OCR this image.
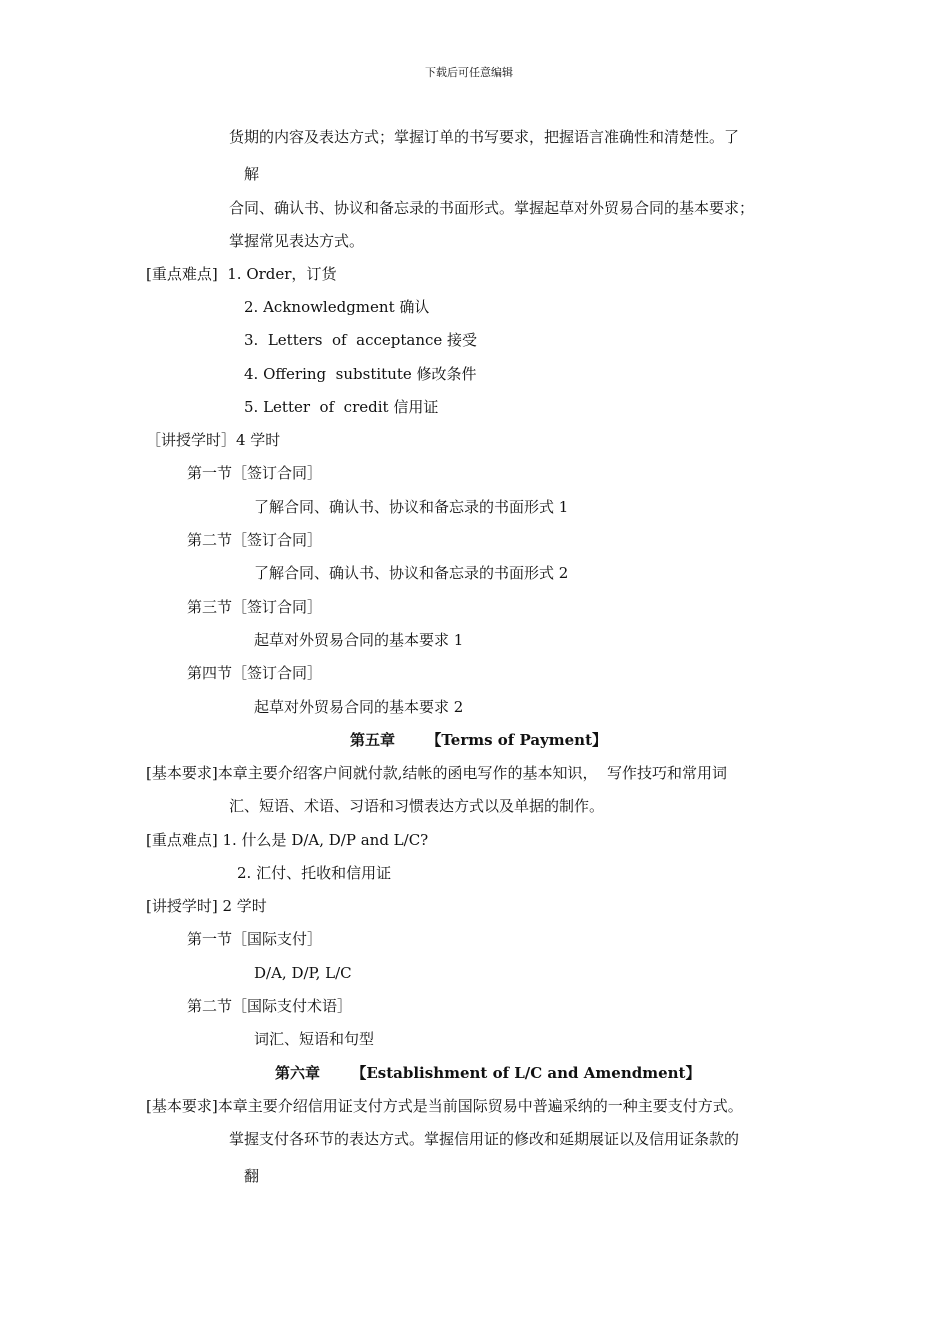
下载后可任意编辑
货期的内容及表达方式；掌握订单的书写要求，把握语言准确性和清楚性。了
解
合同、确认书、协议和备忘录的书面形式。掌握起草对外贸易合同的基本要求；
掌握常见表达方式。
[重点难点]  1. Order，订货
2. Acknowledgment 确认
3.  Letters  of  acceptance 接受
4. Offering  substitute 修改条件
5. Letter  of  credit 信用证
［讲授学时］4 学时
第一节［签订合同］
了解合同、确认书、协议和备忘录的书面形式 1
第二节［签订合同］
了解合同、确认书、协议和备忘录的书面形式 2
第三节［签订合同］
起草对外贸易合同的基本要求 1
第四节［签订合同］
起草对外贸易合同的基本要求 2
第五章      【Terms of Payment】
[基本要求]本章主要介绍客户间就付款,结帐的函电写作的基本知识，  写作技巧和常用词
汇、短语、术语、习语和习惯表达方式以及单据的制作。
[重点难点] 1. 什么是 D/A, D/P and L/C?
2. 汇付、托收和信用证
[讲授学时] 2 学时
第一节［国际支付］
D/A, D/P, L/C
第二节［国际支付术语］
词汇、短语和句型
第六章      【Establishment of L/C and Amendment】
[基本要求]本章主要介绍信用证支付方式是当前国际贸易中普遍采纳的一种主要支付方式。
掌握支付各环节的表达方式。掌握信用证的修改和延期展证以及信用证条款的
翻
